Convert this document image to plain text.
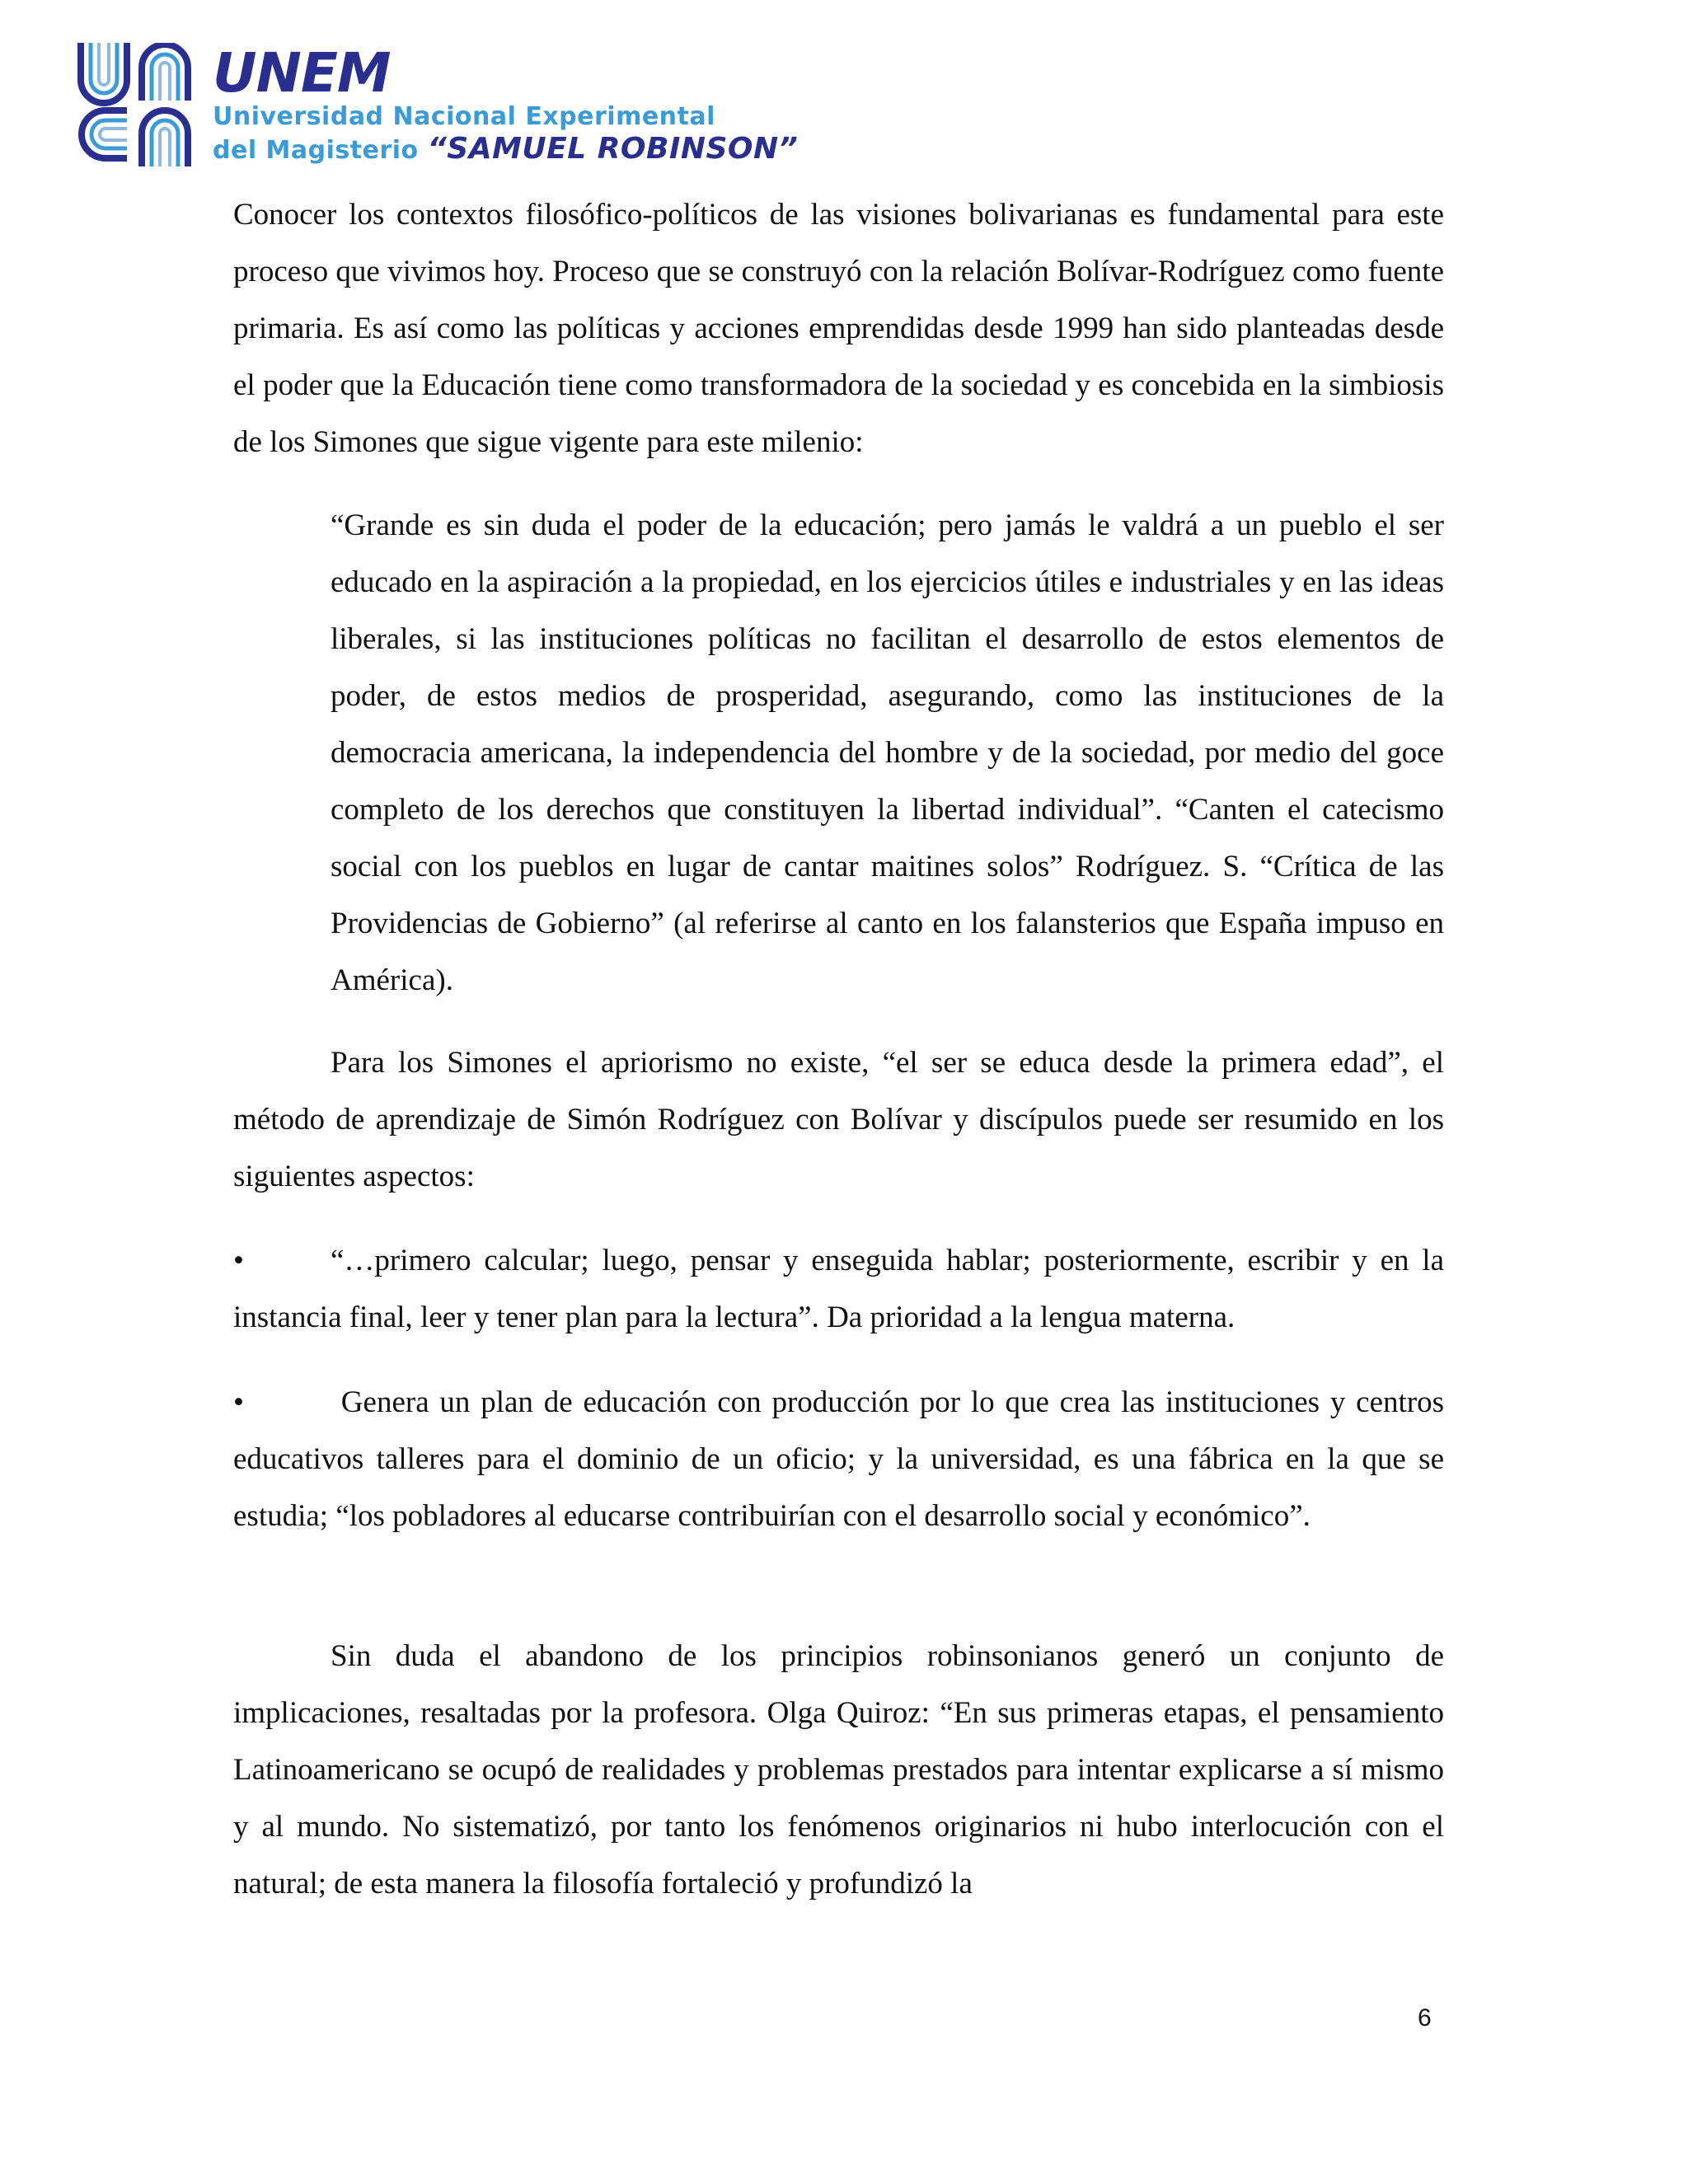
UNEM
Universidad Nacional Experimental
del Magisterio “SAMUEL ROBINSON”

Conocer los contextos filosófico-políticos de las visiones bolivarianas es fundamental para este proceso que vivimos hoy. Proceso que se construyó con la relación Bolívar-Rodríguez como fuente primaria. Es así como las políticas y acciones emprendidas desde 1999 han sido planteadas desde el poder que la Educación tiene como transformadora de la sociedad y es concebida en la simbiosis de los Simones que sigue vigente para este milenio:

“Grande es sin duda el poder de la educación; pero jamás le valdrá a un pueblo el ser educado en la aspiración a la propiedad, en los ejercicios útiles e industriales y en las ideas liberales, si las instituciones políticas no facilitan el desarrollo de estos elementos de poder, de estos medios de prosperidad, asegurando, como las instituciones de la democracia americana, la independencia del hombre y de la sociedad, por medio del goce completo de los derechos que constituyen la libertad individual”. “Canten el catecismo social con los pueblos en lugar de cantar maitines solos” Rodríguez. S. “Crítica de las Providencias de Gobierno” (al referirse al canto en los falansterios que España impuso en América).

Para los Simones el apriorismo no existe, “el ser se educa desde la primera edad”, el método de aprendizaje de Simón Rodríguez con Bolívar y discípulos puede ser resumido en los siguientes aspectos:

•	“…primero calcular; luego, pensar y enseguida hablar; posteriormente, escribir y en la instancia final, leer y tener plan para la lectura”. Da prioridad a la lengua materna.
•	Genera un plan de educación con producción por lo que crea las instituciones y centros educativos talleres para el dominio de un oficio; y la universidad, es una fábrica en la que se estudia; “los pobladores al educarse contribuirían con el desarrollo social y económico”.

Sin duda el abandono de los principios robinsonianos generó un conjunto de implicaciones, resaltadas por la profesora. Olga Quiroz: “En sus primeras etapas, el pensamiento Latinoamericano se ocupó de realidades y problemas prestados para intentar explicarse a sí mismo y al mundo. No sistematizó, por tanto los fenómenos originarios ni hubo interlocución con el natural; de esta manera la filosofía fortaleció y profundizó la

6
